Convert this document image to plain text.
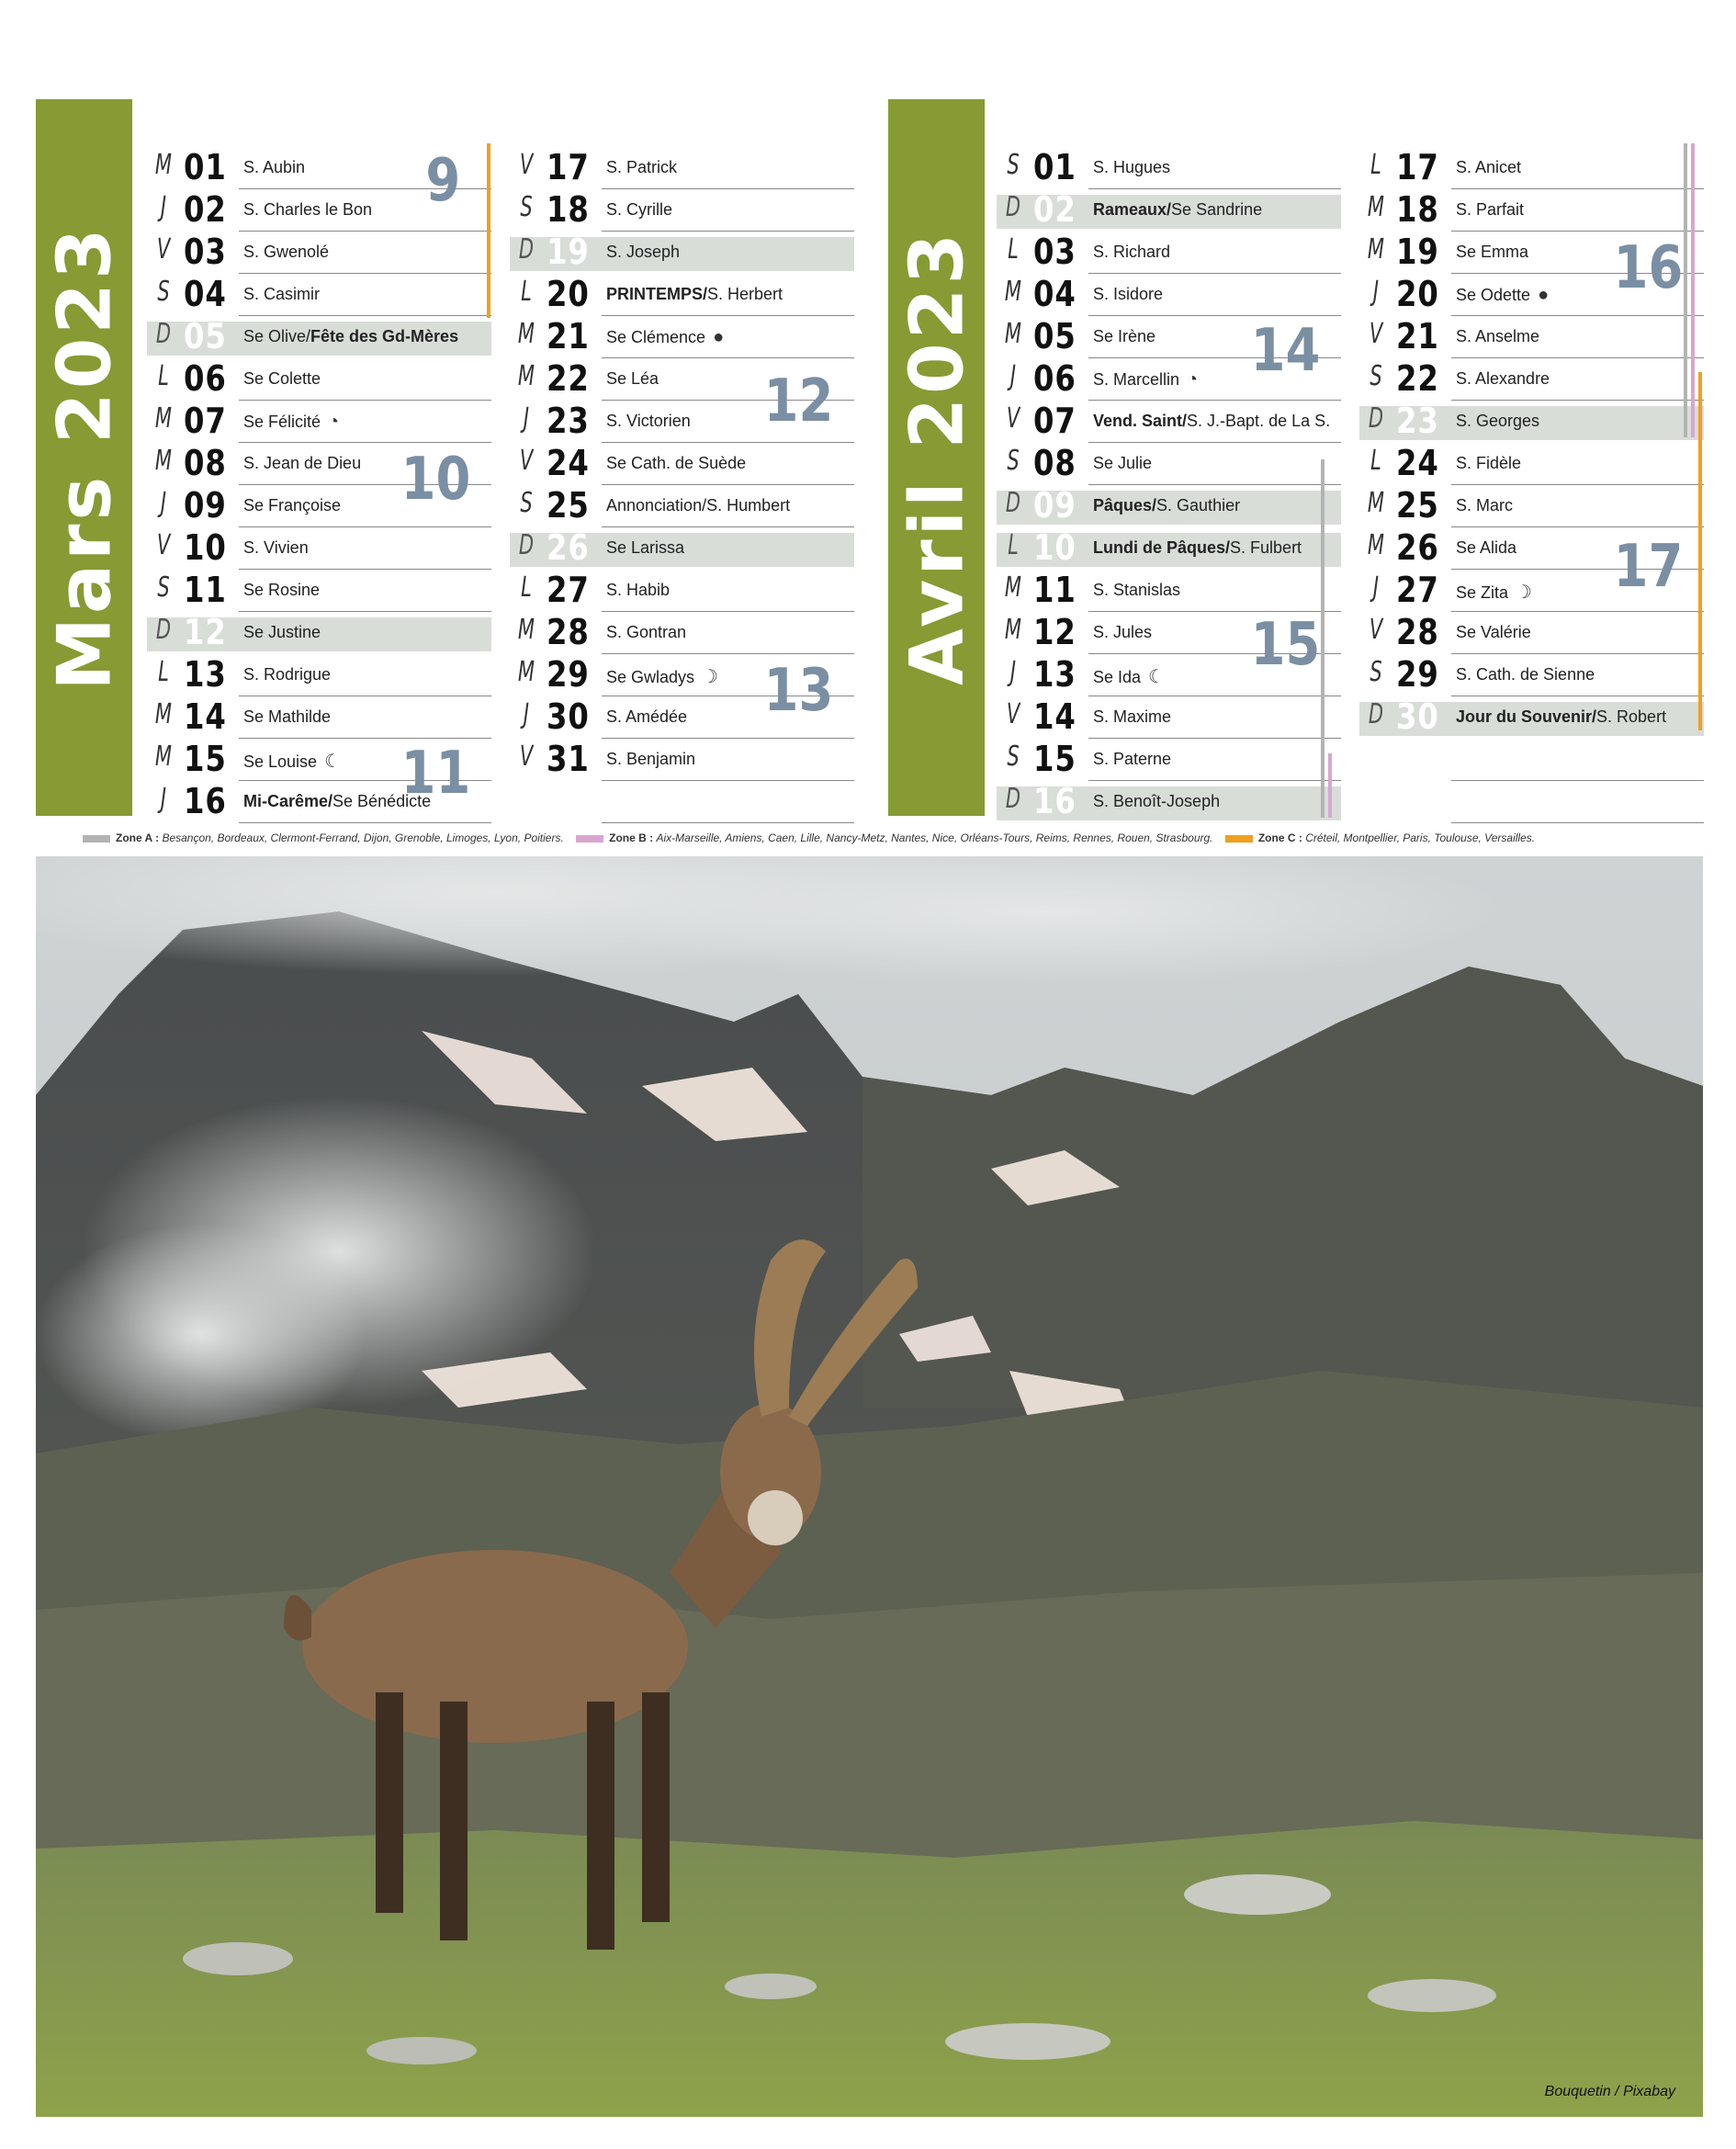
Mars 2023	Avril 2023
M 01 S. Aubin
J 02 S. Charles le Bon
V 03 S. Gwenolé
S 04 S. Casimir
D 05 Se Olive/Fête des Gd-Mères
L 06 Se Colette
M 07 Se Félicité ◔
M 08 S. Jean de Dieu
J 09 Se Françoise
V 10 S. Vivien
S 11 Se Rosine
D 12 Se Justine
L 13 S. Rodrigue
M 14 Se Mathilde
M 15 Se Louise ☾
J 16 Mi-Carême/Se Bénédicte
V 17 S. Patrick
S 18 S. Cyrille
D 19 S. Joseph
L 20 PRINTEMPS/S. Herbert
M 21 Se Clémence ●
M 22 Se Léa
J 23 S. Victorien
V 24 Se Cath. de Suède
S 25 Annonciation/S. Humbert
D 26 Se Larissa
L 27 S. Habib
M 28 S. Gontran
M 29 Se Gwladys ☽
J 30 S. Amédée
V 31 S. Benjamin
S 01 S. Hugues
D 02 Rameaux/Se Sandrine
L 03 S. Richard
M 04 S. Isidore
M 05 Se Irène
J 06 S. Marcellin ◔
V 07 Vend. Saint/S. J.-Bapt. de La S.
S 08 Se Julie
D 09 Pâques/S. Gauthier
L 10 Lundi de Pâques/S. Fulbert
M 11 S. Stanislas
M 12 S. Jules
J 13 Se Ida ☾
V 14 S. Maxime
S 15 S. Paterne
D 16 S. Benoît-Joseph
L 17 S. Anicet
M 18 S. Parfait
M 19 Se Emma
J 20 Se Odette ●
V 21 S. Anselme
S 22 S. Alexandre
D 23 S. Georges
L 24 S. Fidèle
M 25 S. Marc
M 26 Se Alida
J 27 Se Zita ☽
V 28 Se Valérie
S 29 S. Cath. de Sienne
D 30 Jour du Souvenir/S. Robert
9
10
11
12
13
14
15
16
17
Zone A : Besançon, Bordeaux, Clermont-Ferrand, Dijon, Grenoble, Limoges, Lyon, Poitiers.	Zone B : Aix-Marseille, Amiens, Caen, Lille, Nancy-Metz, Nantes, Nice, Orléans-Tours, Reims, Rennes, Rouen, Strasbourg.	Zone C : Créteil, Montpellier, Paris, Toulouse, Versailles.
Bouquetin / Pixabay
